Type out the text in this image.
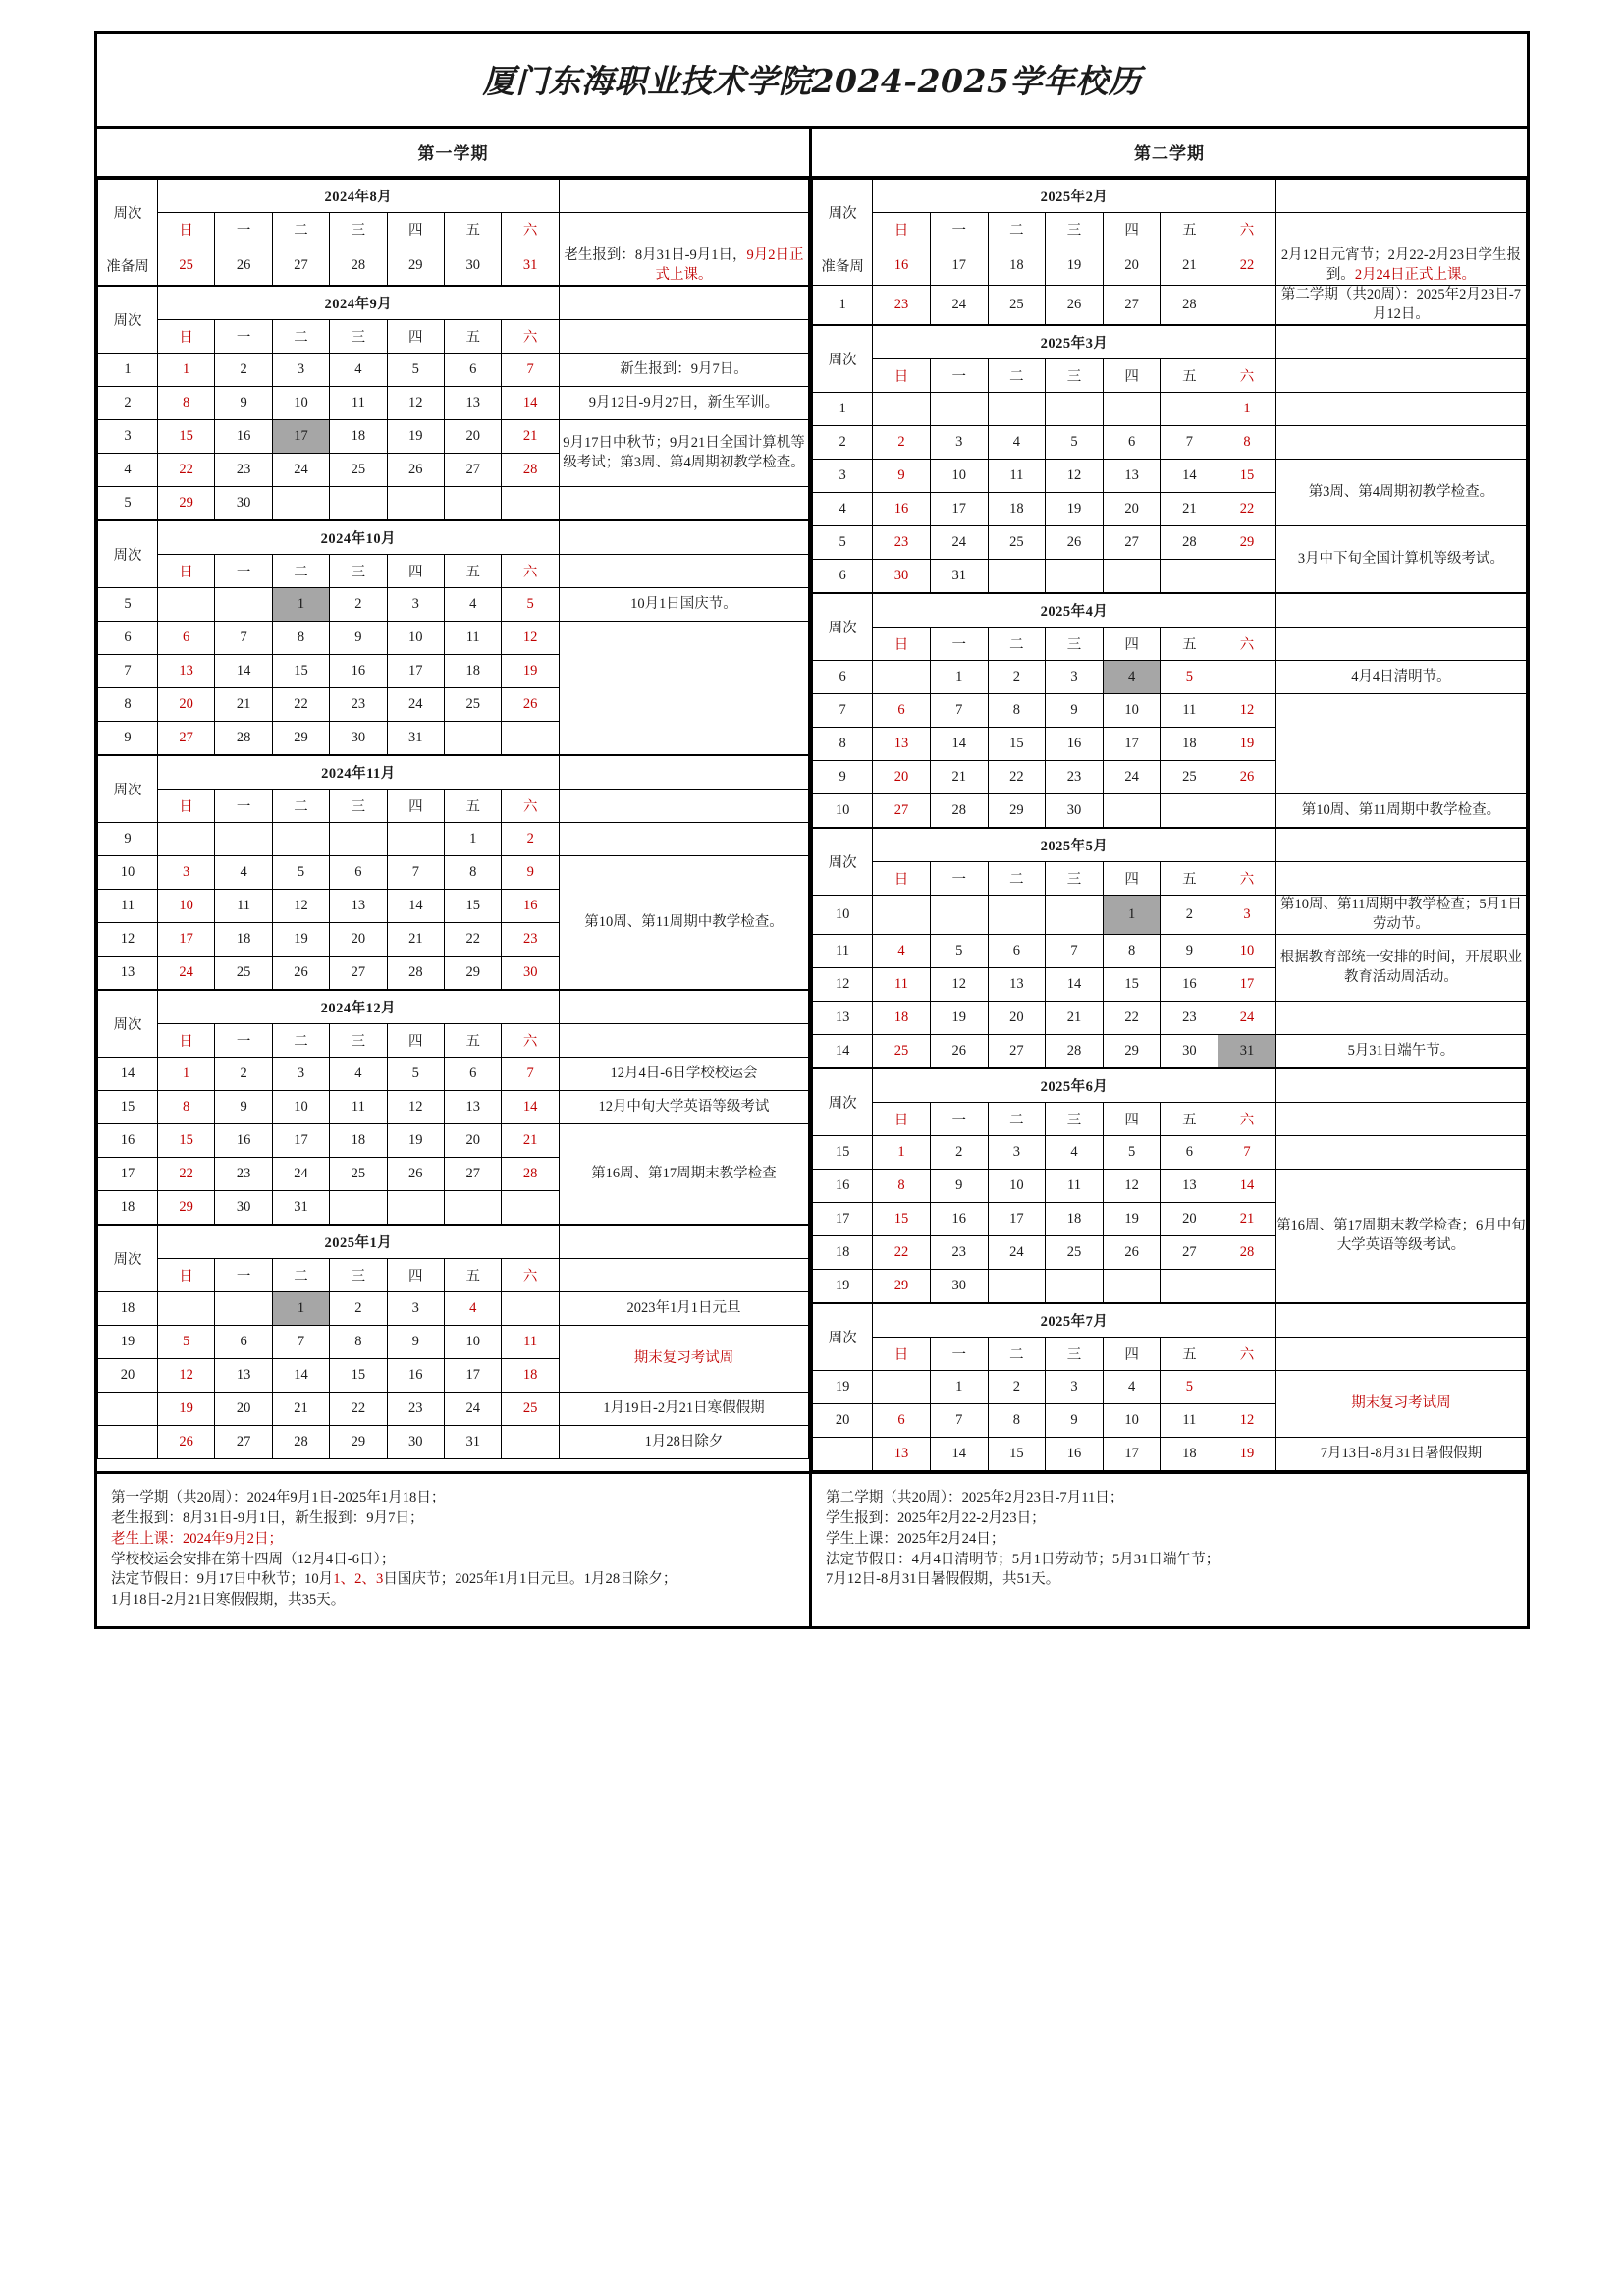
厦门东海职业技术学院2024-2025学年校历
第一学期
周次	2024年8月							
	日	一	二	三	四	五	六	
准备周	25	26	27	28	29	30	31	老生报到：8月31日-9月1日，9月2日正式上课。
周次	2024年9月							
	日	一	二	三	四	五	六	
1	1	2	3	4	5	6	7	新生报到：9月7日。
2	8	9	10	11	12	13	14	9月12日-9月27日，新生军训。
3	15	16	17	18	19	20	21	9月17日中秋节；9月21日全国计算机等级考试；第3周、第4周期初教学检查。
4	22	23	24	25	26	27	28	
5	29	30						
周次	2024年10月							
	日	一	二	三	四	五	六	
5			1	2	3	4	5	10月1日国庆节。
6	6	7	8	9	10	11	12	
7	13	14	15	16	17	18	19	
8	20	21	22	23	24	25	26	
9	27	28	29	30	31			
周次	2024年11月							
	日	一	二	三	四	五	六	
9						1	2	
10	3	4	5	6	7	8	9	第10周、第11周期中教学检查。
11	10	11	12	13	14	15	16	
12	17	18	19	20	21	22	23	
13	24	25	26	27	28	29	30	
周次	2024年12月							
	日	一	二	三	四	五	六	
14	1	2	3	4	5	6	7	12月4日-6日学校校运会
15	8	9	10	11	12	13	14	12月中旬大学英语等级考试
16	15	16	17	18	19	20	21	第16周、第17周期末教学检查
17	22	23	24	25	26	27	28	
18	29	30	31					
周次	2025年1月							
	日	一	二	三	四	五	六	
18			1	2	3	4		2023年1月1日元旦
19	5	6	7	8	9	10	11	期末复习考试周
20	12	13	14	15	16	17	18	
	19	20	21	22	23	24	25	1月19日-2月21日寒假假期
	26	27	28	29	30	31		1月28日除夕
第二学期
周次	2025年2月							
	日	一	二	三	四	五	六	
准备周	16	17	18	19	20	21	22	2月12日元宵节；2月22-2月23日学生报到。2月24日正式上课。
1	23	24	25	26	27	28		第二学期（共20周）：2025年2月23日-7月12日。
周次	2025年3月							
	日	一	二	三	四	五	六	
1							1	
2	2	3	4	5	6	7	8	
3	9	10	11	12	13	14	15	第3周、第4周期初教学检查。
4	16	17	18	19	20	21	22	
5	23	24	25	26	27	28	29	3月中下旬全国计算机等级考试。
6	30	31						
周次	2025年4月							
	日	一	二	三	四	五	六	
6		1	2	3	4	5		4月4日清明节。
7	6	7	8	9	10	11	12	
8	13	14	15	16	17	18	19	
9	20	21	22	23	24	25	26	
10	27	28	29	30				第10周、第11周期中教学检查。
周次	2025年5月							
	日	一	二	三	四	五	六	
10					1	2	3	第10周、第11周期中教学检查；5月1日劳动节。
11	4	5	6	7	8	9	10	根据教育部统一安排的时间，开展职业教育活动周活动。
12	11	12	13	14	15	16	17	
13	18	19	20	21	22	23	24	
14	25	26	27	28	29	30	31	5月31日端午节。
周次	2025年6月							
	日	一	二	三	四	五	六	
15	1	2	3	4	5	6	7	
16	8	9	10	11	12	13	14	第16周、第17周期末教学检查；6月中旬大学英语等级考试。
17	15	16	17	18	19	20	21	
18	22	23	24	25	26	27	28	
19	29	30						
周次	2025年7月							
	日	一	二	三	四	五	六	
19		1	2	3	4	5		期末复习考试周
20	6	7	8	9	10	11	12	
	13	14	15	16	17	18	19	7月13日-8月31日暑假假期

第一学期（共20周）：2024年9月1日-2025年1月18日；

老生报到：8月31日-9月1日，新生报到：9月7日；

老生上课：2024年9月2日；

学校校运会安排在第十四周（12月4日-6日）；

法定节假日：9月17日中秋节；10月1、2、3日国庆节；2025年1月1日元旦。1月28日除夕；

1月18日-2月21日寒假假期，共35天。

第二学期（共20周）：2025年2月23日-7月11日；

学生报到：2025年2月22-2月23日；

学生上课：2025年2月24日；

法定节假日：4月4日清明节；5月1日劳动节；5月31日端午节；

7月12日-8月31日暑假假期，共51天。
